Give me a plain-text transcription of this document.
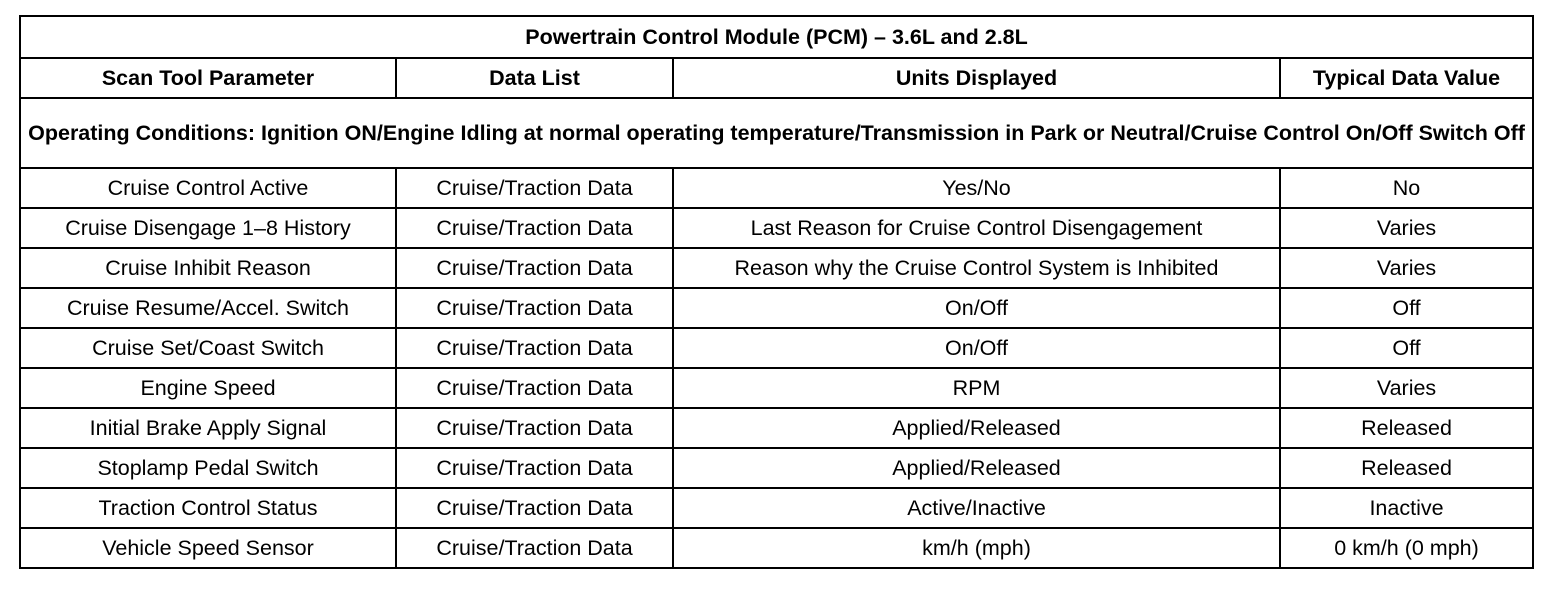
Powertrain Control Module (PCM) – 3.6L and 2.8L			
Scan Tool Parameter	Data List	Units Displayed	Typical Data Value
Operating Conditions: Ignition ON/Engine Idling at normal operating temperature/Transmission in Park or Neutral/Cruise Control On/Off Switch Off			
Cruise Control Active	Cruise/Traction Data	Yes/No	No
Cruise Disengage 1–8 History	Cruise/Traction Data	Last Reason for Cruise Control Disengagement	Varies
Cruise Inhibit Reason	Cruise/Traction Data	Reason why the Cruise Control System is Inhibited	Varies
Cruise Resume/Accel. Switch	Cruise/Traction Data	On/Off	Off
Cruise Set/Coast Switch	Cruise/Traction Data	On/Off	Off
Engine Speed	Cruise/Traction Data	RPM	Varies
Initial Brake Apply Signal	Cruise/Traction Data	Applied/Released	Released
Stoplamp Pedal Switch	Cruise/Traction Data	Applied/Released	Released
Traction Control Status	Cruise/Traction Data	Active/Inactive	Inactive
Vehicle Speed Sensor	Cruise/Traction Data	km/h (mph)	0 km/h (0 mph)
